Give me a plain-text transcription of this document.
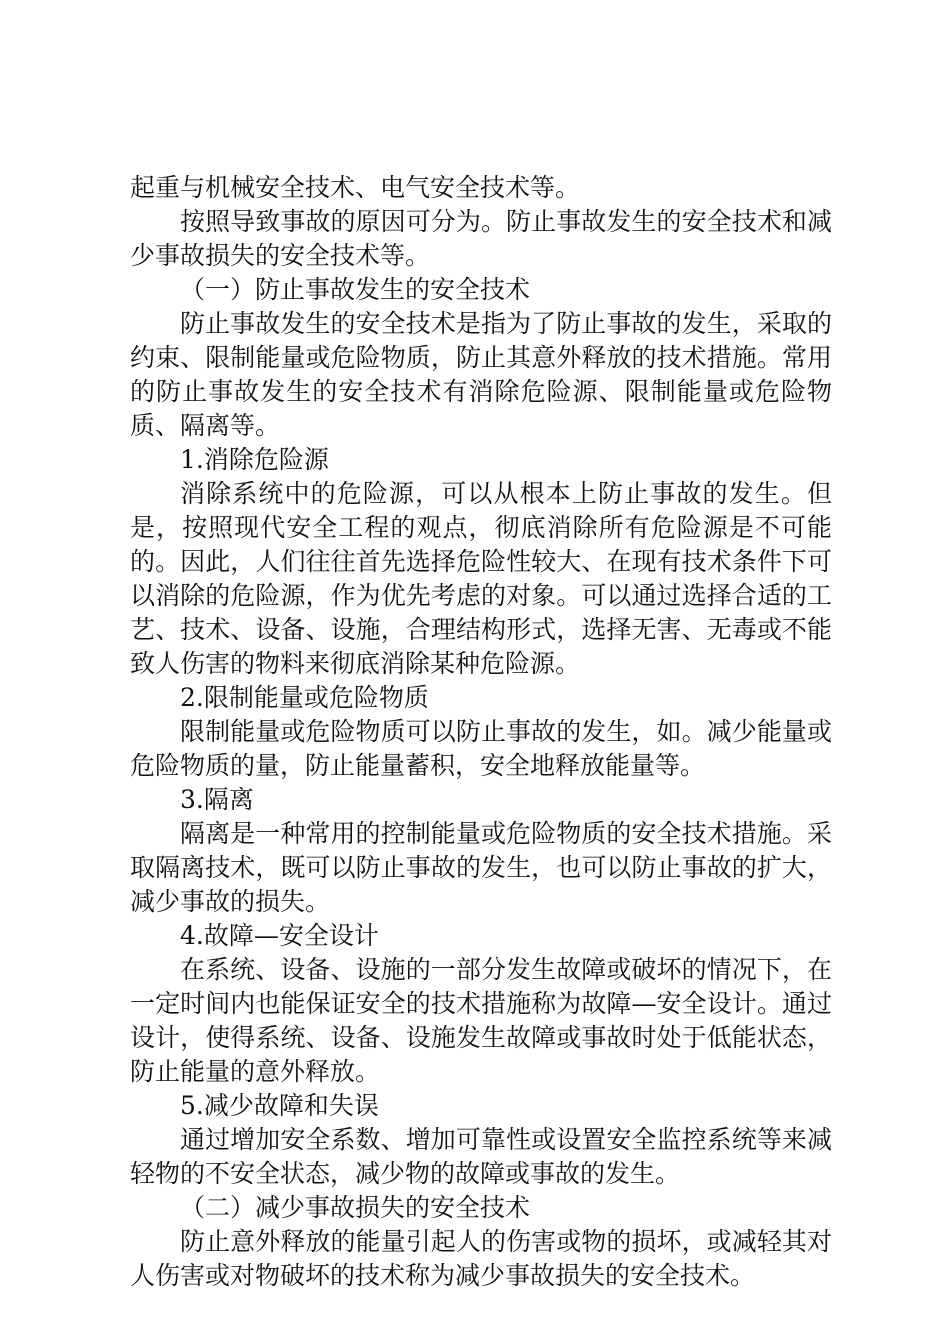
起重与机械安全技术、电气安全技术等。

按照导致事故的原因可分为。防止事故发生的安全技术和减少事故损失的安全技术等。

（一）防止事故发生的安全技术

防止事故发生的安全技术是指为了防止事故的发生，采取的约束、限制能量或危险物质，防止其意外释放的技术措施。常用的防止事故发生的安全技术有消除危险源、限制能量或危险物质、隔离等。

1.消除危险源

消除系统中的危险源，可以从根本上防止事故的发生。但是，按照现代安全工程的观点，彻底消除所有危险源是不可能的。因此，人们往往首先选择危险性较大、在现有技术条件下可以消除的危险源，作为优先考虑的对象。可以通过选择合适的工艺、技术、设备、设施，合理结构形式，选择无害、无毒或不能致人伤害的物料来彻底消除某种危险源。

2.限制能量或危险物质

限制能量或危险物质可以防止事故的发生，如。减少能量或危险物质的量，防止能量蓄积，安全地释放能量等。

3.隔离

隔离是一种常用的控制能量或危险物质的安全技术措施。采取隔离技术，既可以防止事故的发生，也可以防止事故的扩大，减少事故的损失。

4.故障—安全设计

在系统、设备、设施的一部分发生故障或破坏的情况下，在一定时间内也能保证安全的技术措施称为故障—安全设计。通过设计，使得系统、设备、设施发生故障或事故时处于低能状态，防止能量的意外释放。

5.减少故障和失误

通过增加安全系数、增加可靠性或设置安全监控系统等来减轻物的不安全状态，减少物的故障或事故的发生。

（二）减少事故损失的安全技术

防止意外释放的能量引起人的伤害或物的损坏，或减轻其对人伤害或对物破坏的技术称为减少事故损失的安全技术。
